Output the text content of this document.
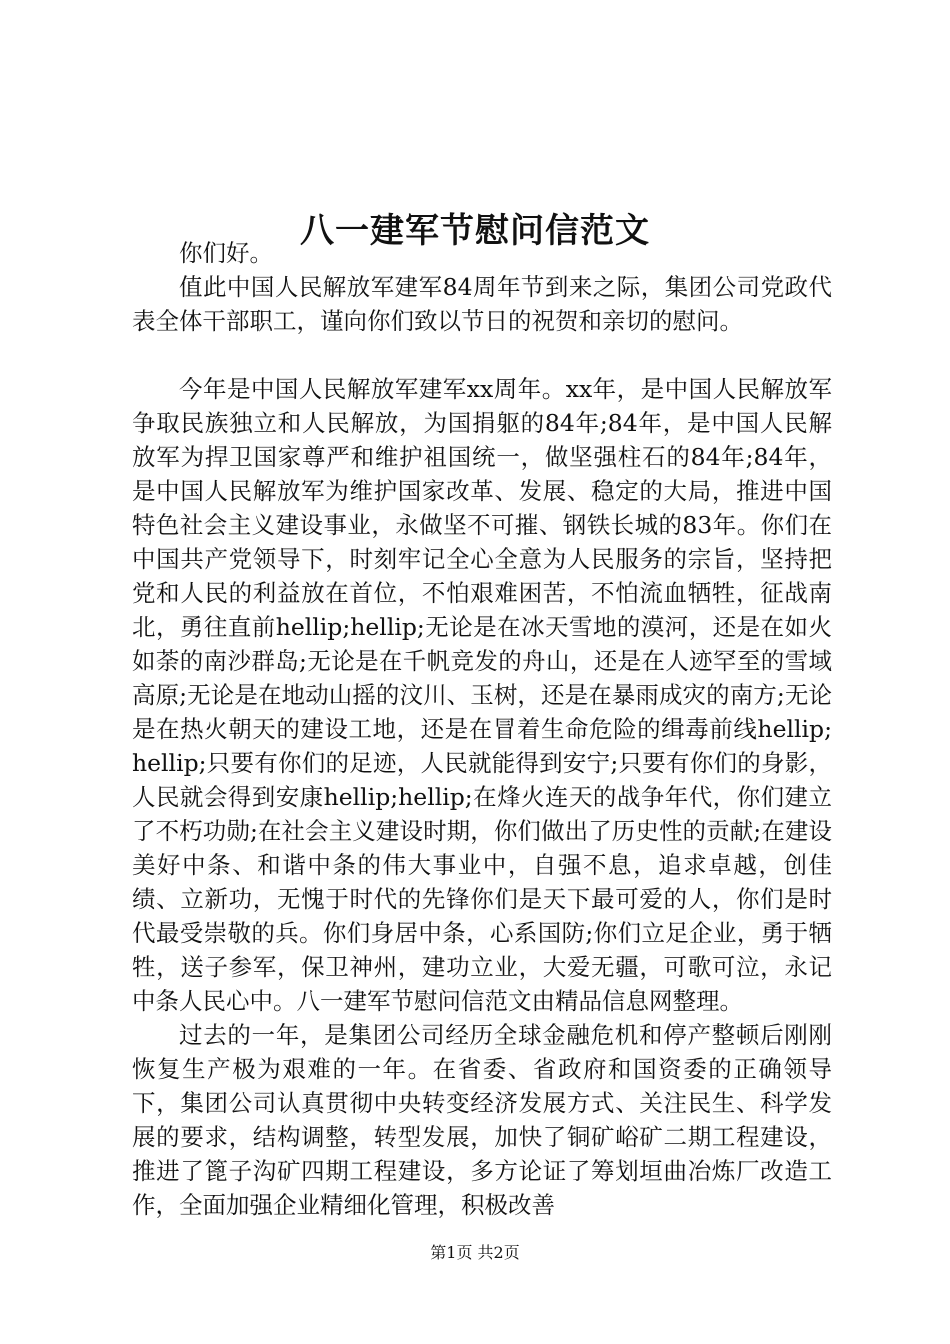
八一建军节慰问信范文

你们好。

值此中国人民解放军建军84周年节到来之际，集团公司党政代表全体干部职工，谨向你们致以节日的祝贺和亲切的慰问。

今年是中国人民解放军建军xx周年。xx年，是中国人民解放军争取民族独立和人民解放，为国捐躯的84年;84年，是中国人民解放军为捍卫国家尊严和维护祖国统一，做坚强柱石的84年;84年，是中国人民解放军为维护国家改革、发展、稳定的大局，推进中国特色社会主义建设事业，永做坚不可摧、钢铁长城的83年。你们在中国共产党领导下，时刻牢记全心全意为人民服务的宗旨，坚持把党和人民的利益放在首位，不怕艰难困苦，不怕流血牺牲，征战南北，勇往直前hellip;hellip;无论是在冰天雪地的漠河，还是在如火如荼的南沙群岛;无论是在千帆竞发的舟山，还是在人迹罕至的雪域高原;无论是在地动山摇的汶川、玉树，还是在暴雨成灾的南方;无论是在热火朝天的建设工地，还是在冒着生命危险的缉毒前线hellip;hellip;只要有你们的足迹，人民就能得到安宁;只要有你们的身影，人民就会得到安康hellip;hellip;在烽火连天的战争年代，你们建立了不朽功勋;在社会主义建设时期，你们做出了历史性的贡献;在建设美好中条、和谐中条的伟大事业中，自强不息，追求卓越，创佳绩、立新功，无愧于时代的先锋你们是天下最可爱的人，你们是时代最受崇敬的兵。你们身居中条，心系国防;你们立足企业，勇于牺牲，送子参军，保卫神州，建功立业，大爱无疆，可歌可泣，永记中条人民心中。八一建军节慰问信范文由精品信息网整理。

过去的一年，是集团公司经历全球金融危机和停产整顿后刚刚恢复生产极为艰难的一年。在省委、省政府和国资委的正确领导下，集团公司认真贯彻中央转变经济发展方式、关注民生、科学发展的要求，结构调整，转型发展，加快了铜矿峪矿二期工程建设，推进了篦子沟矿四期工程建设，多方论证了筹划垣曲冶炼厂改造工作，全面加强企业精细化管理，积极改善

第1页 共2页
